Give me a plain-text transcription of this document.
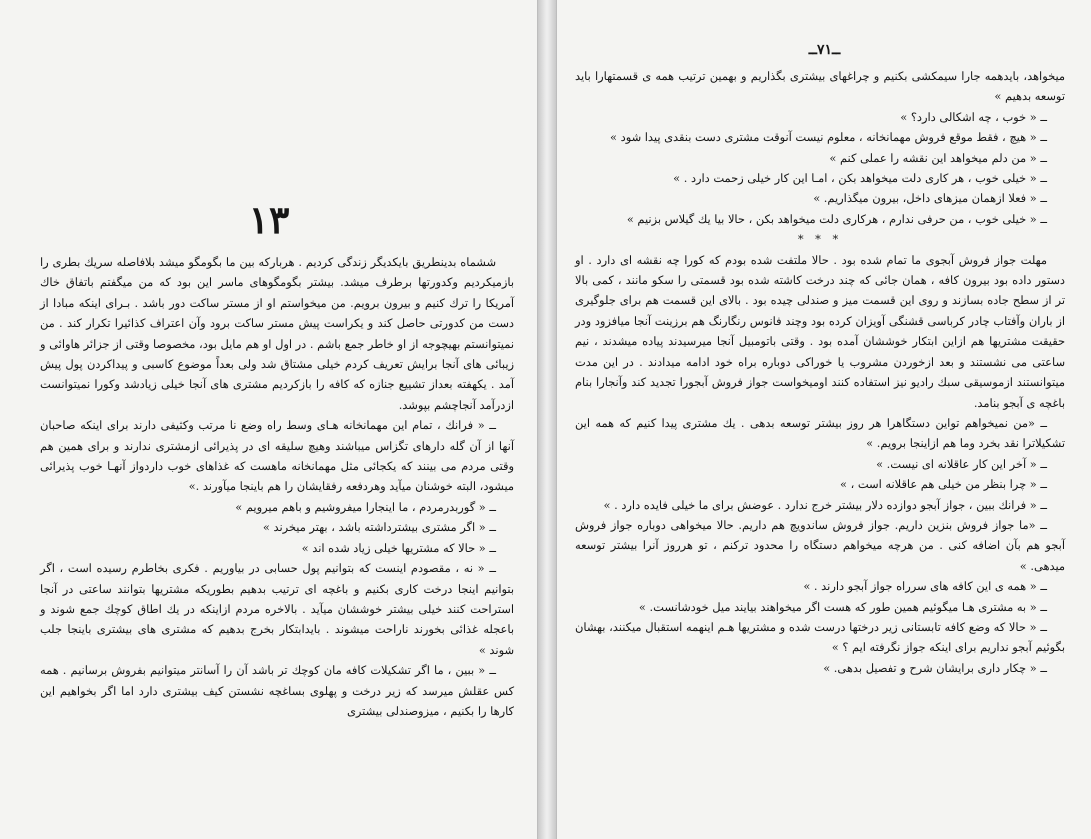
١٣

ششماه بدینطریق بایکدیگر زندگی کردیم . هربارکه بین ما بگومگو میشد بلافاصله سریك بطری را بازمیکردیم وکدورتها برطرف میشد. بیشتر بگومگوهای ماسر این بود که من میگفتم باتفاق خاك آمریکا را ترك کنیم و بیرون برویم. من میخواستم او از مستر ساکت دور باشد . بـرای اینکه مبادا از دست من کدورتی حاصل کند و یکراست پیش مستر ساکت برود وآن اعتراف کذائیرا تکرار کند . من نمیتوانستم بهیچوجه از او خاطر جمع باشم . در اول او هم مایل بود، مخصوصا وقتی از جزائر هاوائی و زیبائی های آنجا برایش تعریف کردم خیلی مشتاق شد ولی بعداً موضوع کاسبی و پیداکردن پول پیش آمد . یکهفته بعداز تشییع جنازه که کافه را بازکردیم مشتری های آنجا خیلی زیادشد وکورا نمیتوانست ازدرآمد آنجاچشم بپوشد.

ــ « فرانك ، تمام این مهمانخانه هـای وسط راه وضع نا مرتب وکثیفی دارند برای اینکه صاحبان آنها از آن گله دارهای تگزاس میباشند وهیچ سلیقه ای در پذیرائی ازمشتری ندارند و برای همین هم وقتی مردم می بینند که یکجائی مثل مهمانخانه ماهست که غذاهای خوب داردواز آنهـا خوب پذیرائی میشود، البته خوشنان میآید وهردفعه رفقایشان را هم باینجا میآورند .»

ــ « گوربدرمردم ، ما اینجارا میفروشیم و باهم میرویم »

ــ « اگر مشتری بیشترداشته باشد ، بهتر میخرند »

ــ « حالا که مشتریها خیلی زیاد شده اند »

ــ « نه ، مقصودم اینست که بتوانیم پول حسابی در بیاوریم . فکری بخاطرم رسیده است ، اگر بتوانیم اینجا درخت کاری بکنیم و باغچه ای ترتیب بدهیم بطوریکه مشتریها بتوانند ساعتی در آنجا استراحت کنند خیلی بیشتر خوششان میآید . بالاخره مردم ازاینکه در یك اطاق کوچك جمع شوند و باعجله غذائی بخورند ناراحت میشوند . بایدابتکار بخرج بدهیم که مشتری های بیشتری باینجا جلب شوند »

ــ « ببین ، ما اگر تشکیلات کافه مان کوچك تر باشد آن را آسانتر میتوانیم بفروش برسانیم . همه کس عقلش میرسد که زیر درخت و پهلوی بساغچه نشستن کیف بیشتری دارد اما اگر بخواهیم این کارها را بکنیم ، میزوصندلی بیشتری

ــ٧١ــ

میخواهد، بایدهمه جارا سیمکشی بکنیم و چراغهای بیشتری بگذاریم و بهمین ترتیب همه ی قسمتهارا باید توسعه بدهیم »

ــ « خوب ، چه اشکالی دارد؟ »

ــ « هیچ ، فقط موقع فروش مهمانخانه ، معلوم نیست آنوقت مشتری دست بنقدی پیدا شود »

ــ « من دلم میخواهد این نقشه را عملی کنم »

ــ « خیلی خوب ، هر کاری دلت میخواهد بکن ، امـا این کار خیلی زحمت دارد . »

ــ « فعلا ازهمان میزهای داخل، بیرون میگذاریم. »

ــ « خیلی خوب ، من حرفی ندارم ، هرکاری دلت میخواهد بکن ، حالا بیا یك گیلاس بزنیم »

* * *

مهلت جواز فروش آبجوی ما تمام شده بود . حالا ملتفت شده بودم که کورا چه نقشه ای دارد . او دستور داده بود بیرون کافه ، همان جائی که چند درخت کاشته شده بود قسمتی را سکو مانند ، کمی بالا تر از سطح جاده بسازند و روی این قسمت میز و صندلی چیده بود . بالای این قسمت هم برای جلوگیری از باران وآفتاب چادر کرباسی قشنگی آویزان کرده بود وچند فانوس رنگارنگ هم برزینت آنجا میافزود ودر حقیقت مشتریها هم ازاین ابتکار خوششان آمده بود . وقتی باتومبیل آنجا میرسیدند پیاده میشدند ، نیم ساعتی می نشستند و بعد ازخوردن مشروب یا خوراکی دوباره براه خود ادامه میدادند . در این مدت میتوانستند ازموسیقی سبك رادیو نیز استفاده کنند اومیخواست جواز فروش آبجورا تجدید کند وآنجارا بنام باغچه ی آبجو بنامد.

ــ «من نمیخواهم تواین دستگاهرا هر روز بیشتر توسعه بدهی . یك مشتری پیدا کنیم که همه این تشکیلاترا نقد بخرد وما هم ازاینجا برویم. »

ــ « آخر این کار عاقلانه ای نیست. »

ــ « چرا بنظر من خیلی هم عاقلانه است ، »

ــ « فرانك ببین ، جواز آبجو دوازده دلار بیشتر خرج ندارد . عوضش برای ما خیلی فایده دارد . »

ــ «ما جواز فروش بنزین داریم. جواز فروش ساندویچ هم داریم. حالا میخواهی دوباره جواز فروش آبجو هم بآن اضافه کنی . من هرچه میخواهم دستگاه را محدود ترکنم ، تو هرروز آنرا بیشتر توسعه میدهی. »

ــ « همه ی این کافه های سرراه جواز آبجو دارند . »

ــ « به مشتری هـا میگوئیم همین طور که هست اگر میخواهند بیایند میل خودشانست. »

ــ « حالا که وضع کافه تابستانی زیر درختها درست شده و مشتریها هـم اینهمه استقبال میکنند، بهشان بگوئیم آبجو نداریم برای اینکه جواز نگرفته ایم ؟ »

ــ « چکار داری برایشان شرح و تفصیل بدهی. »
